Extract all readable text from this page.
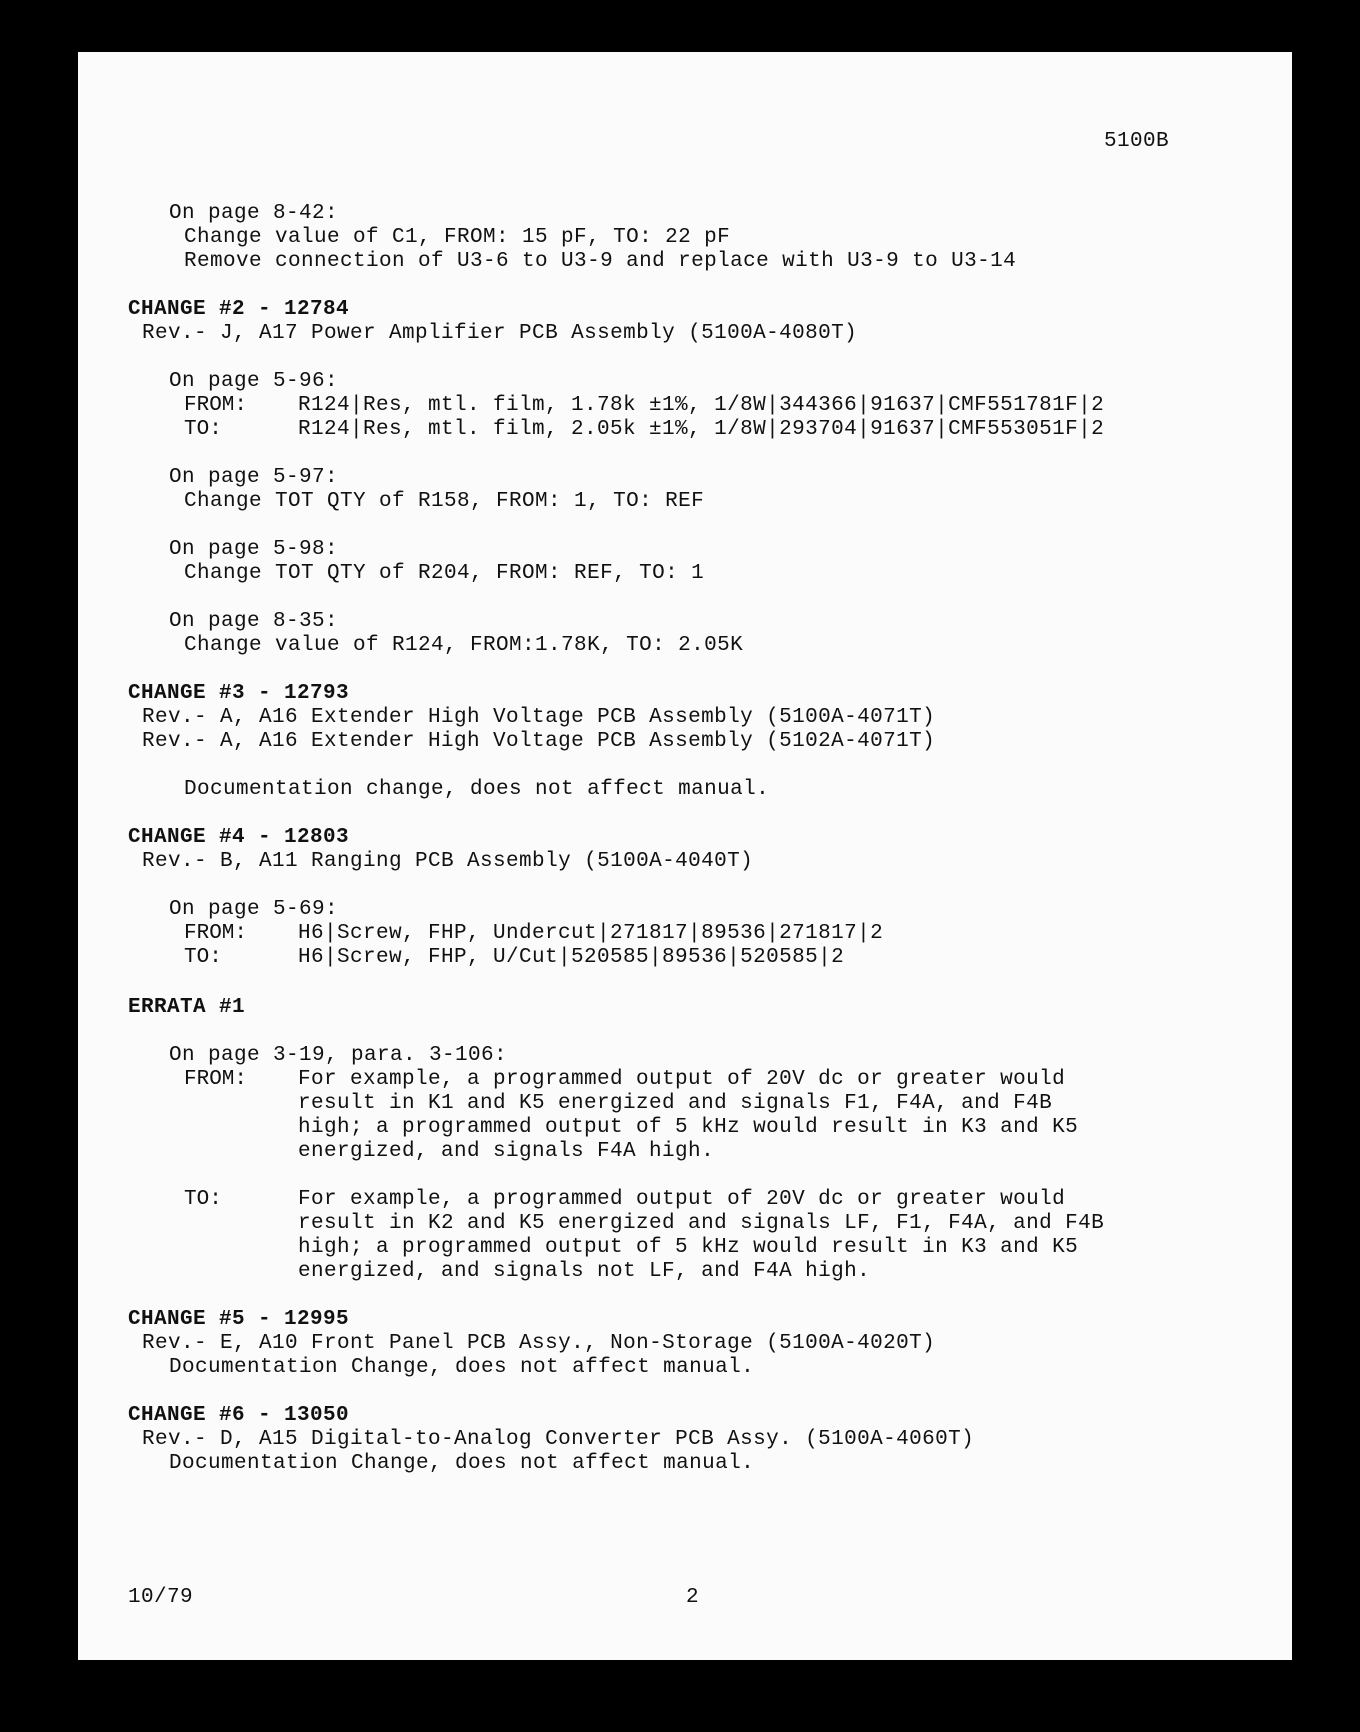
5100B
On page 8-42:
Change value of C1, FROM: 15 pF, TO: 22 pF
Remove connection of U3-6 to U3-9 and replace with U3-9 to U3-14
CHANGE #2 - 12784
Rev.- J, A17 Power Amplifier PCB Assembly (5100A-4080T)
On page 5-96:
FROM: R124|Res, mtl. film, 1.78k ±1%, 1/8W|344366|91637|CMF551781F|2
TO:	R124|Res, mtl. film, 2.05k ±1%, 1/8W|293704|91637|CMF553051F|2
On page 5-97:
Change TOT QTY of R158, FROM: 1, TO: REF
On page 5-98:
Change TOT QTY of R204, FROM: REF, TO: 1
On page 8-35:
Change value of R124, FROM:1.78K, TO: 2.05K
CHANGE #3 - 12793
Rev.- A, A16 Extender High Voltage PCB Assembly (5100A-4071T)
Rev.- A, A16 Extender High Voltage PCB Assembly (5102A-4071T)
Documentation change, does not affect manual.
CHANGE #4 - 12803
Rev.- B, A11 Ranging PCB Assembly (5100A-4040T)
On page 5-69:
FROM: H6|Screw, FHP, Undercut|271817|89536|271817|2
TO:	H6|Screw, FHP, U/Cut|520585|89536|520585|2
ERRATA #1
On page 3-19, para. 3-106:
FROM: For example, a programmed output of 20V dc or greater would
result in K1 and K5 energized and signals F1, F4A, and F4B
high; a programmed output of 5 kHz would result in K3 and K5
energized, and signals F4A high.
TO:	For example, a programmed output of 20V dc or greater would
result in K2 and K5 energized and signals LF, F1, F4A, and F4B
high; a programmed output of 5 kHz would result in K3 and K5
energized, and signals not LF, and F4A high.
CHANGE #5 - 12995
Rev.- E, A10 Front Panel PCB Assy., Non-Storage (5100A-4020T)
Documentation Change, does not affect manual.
CHANGE #6 - 13050
Rev.- D, A15 Digital-to-Analog Converter PCB Assy. (5100A-4060T)
Documentation Change, does not affect manual.
10/79	2
